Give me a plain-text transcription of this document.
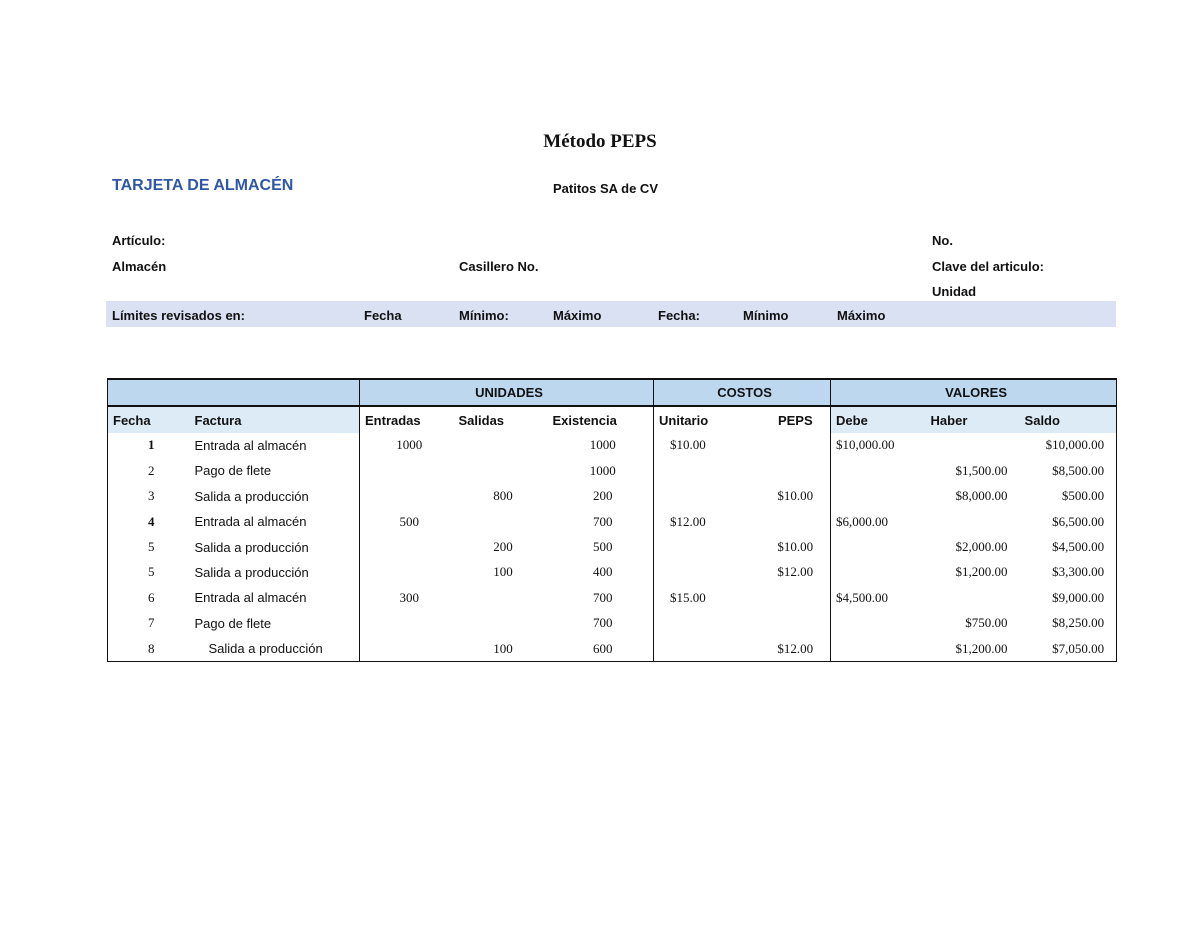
Método PEPS
TARJETA DE ALMACÉN	Patitos SA de CV
Artículo:	No.
Almacén	Casillero No.	Clave del articulo:
Unidad
Límites revisados en:	Fecha	Mínimo:	Máximo	Fecha:	Mínimo	Máximo
		UNIDADES			COSTOS		VALORES		
Fecha	Factura	Entradas	Salidas	Existencia	Unitario	PEPS	Debe	Haber	Saldo
1	Entrada al almacén	1000		1000	$10.00		$10,000.00		$10,000.00
2	Pago de flete			1000				$1,500.00	$8,500.00
3	Salida a producción		800	200		$10.00		$8,000.00	$500.00
4	Entrada al almacén	500		700	$12.00		$6,000.00		$6,500.00
5	Salida a producción		200	500		$10.00		$2,000.00	$4,500.00
5	Salida a producción		100	400		$12.00		$1,200.00	$3,300.00
6	Entrada al almacén	300		700	$15.00		$4,500.00		$9,000.00
7	Pago de flete			700				$750.00	$8,250.00
8	Salida a producción		100	600		$12.00		$1,200.00	$7,050.00
